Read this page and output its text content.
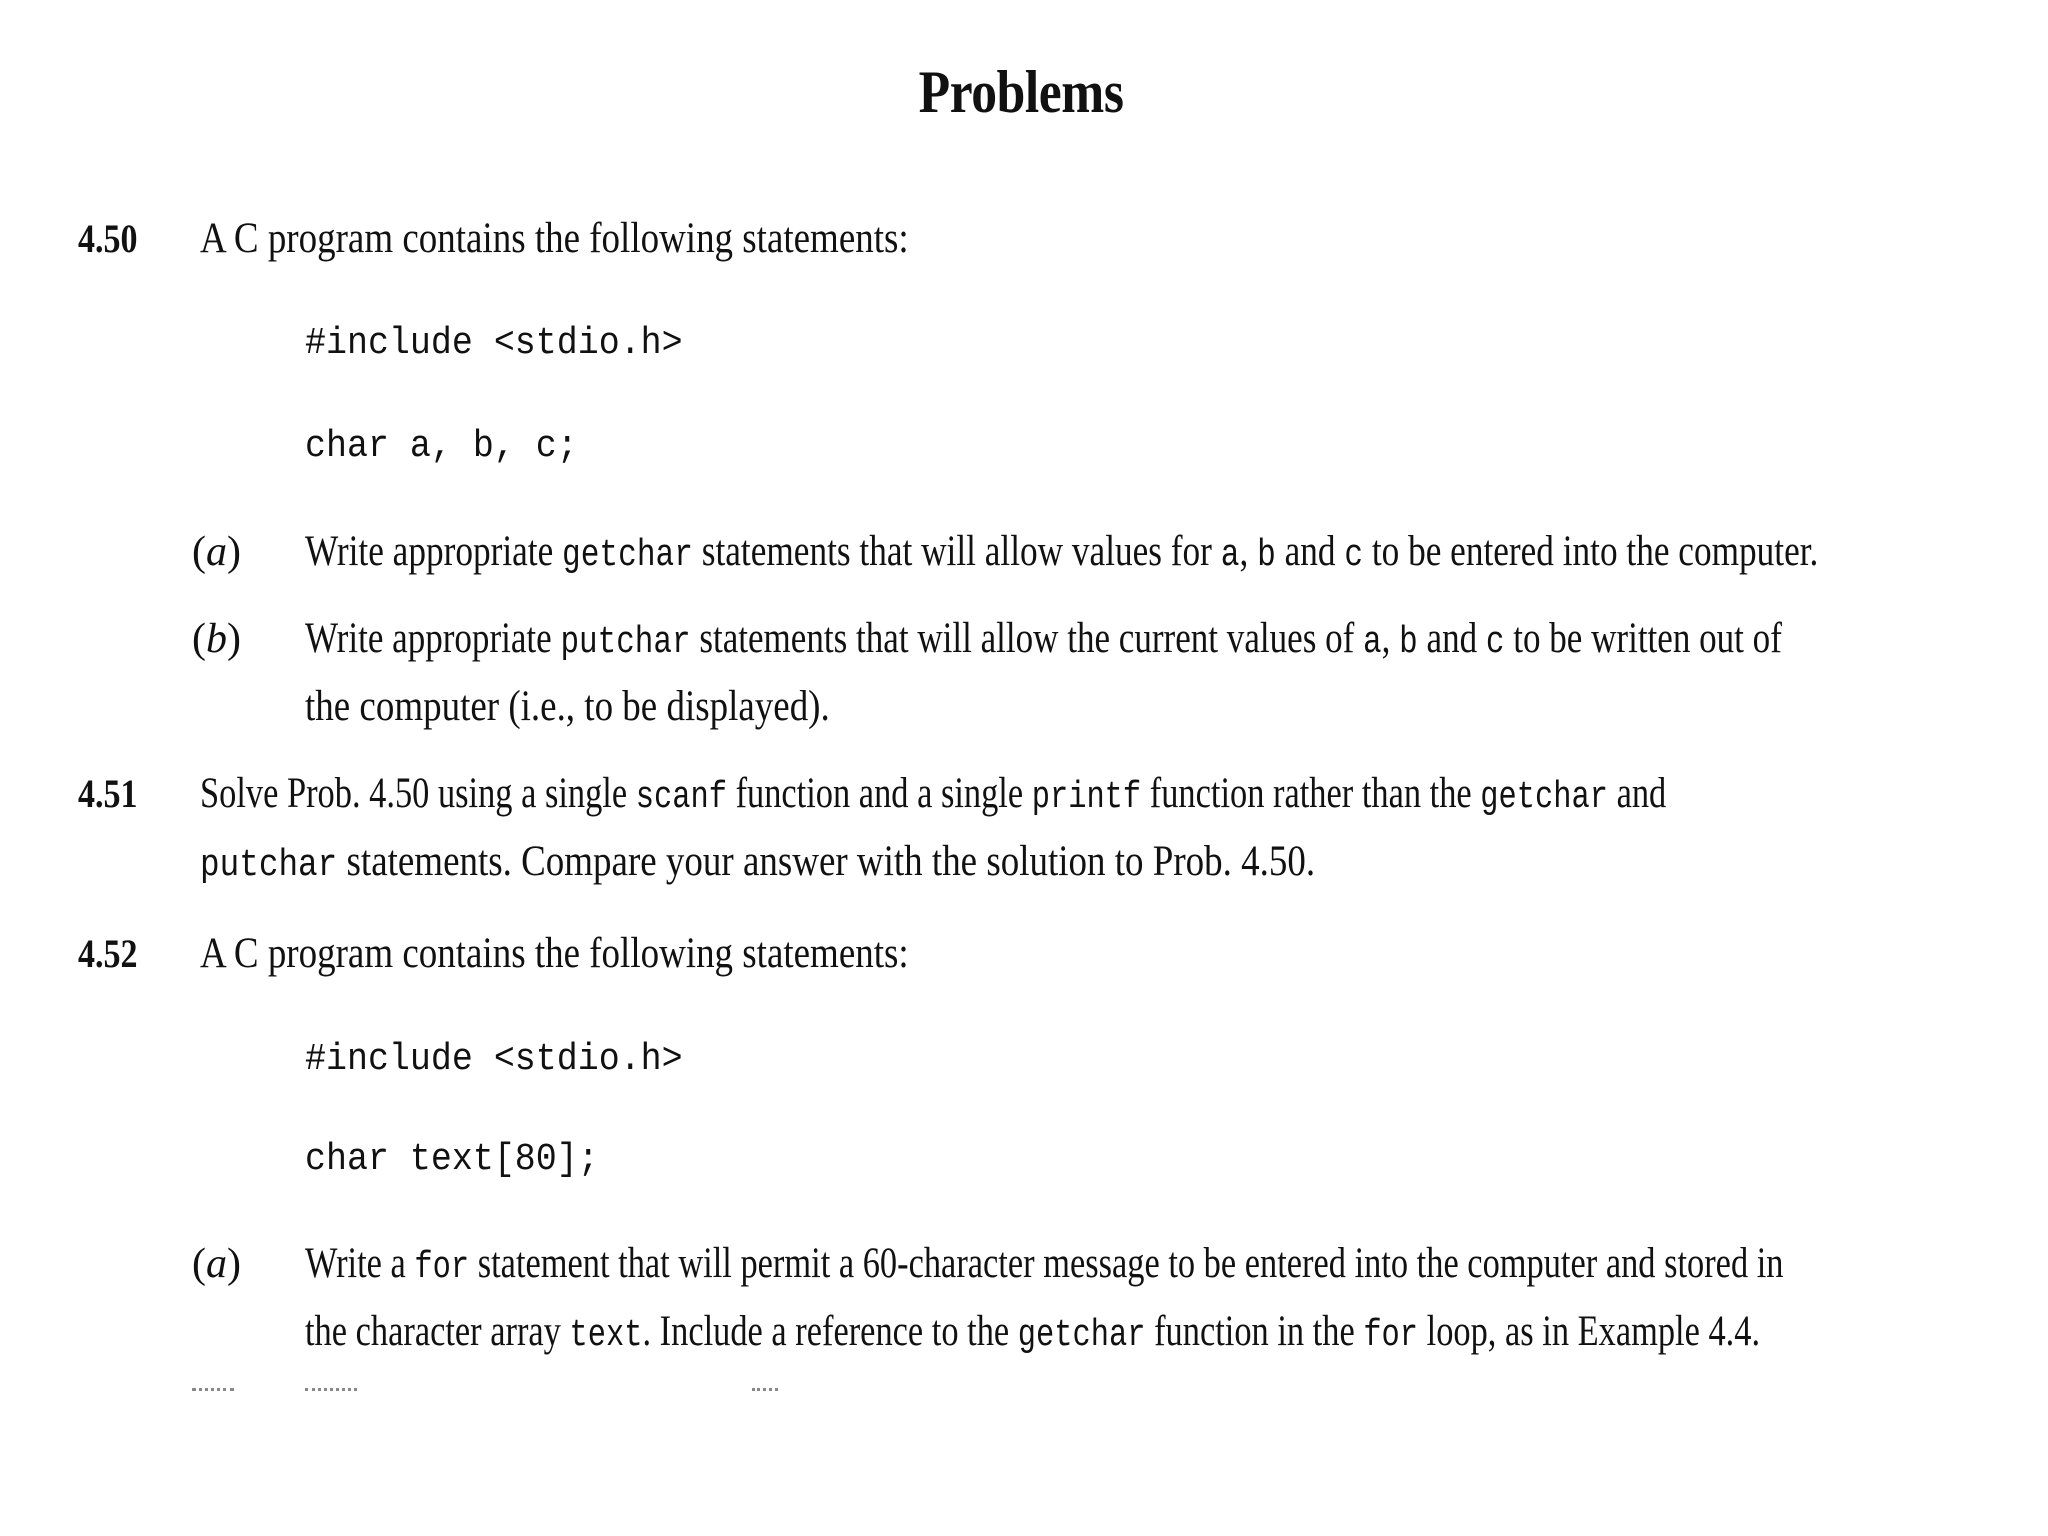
Problems
4.50 A C program contains the following statements:
#include <stdio.h>
char a, b, c;
(a) Write appropriate getchar statements that will allow values for a, b and c to be entered into the computer.
(b) Write appropriate putchar statements that will allow the current values of a, b and c to be written out of
the computer (i.e., to be displayed).
4.51 Solve Prob. 4.50 using a single scanf function and a single printf function rather than the getchar and
putchar statements. Compare your answer with the solution to Prob. 4.50.
4.52 A C program contains the following statements:
#include <stdio.h>
char text[80];
(a) Write a for statement that will permit a 60-character message to be entered into the computer and stored in
the character array text. Include a reference to the getchar function in the for loop, as in Example 4.4.
